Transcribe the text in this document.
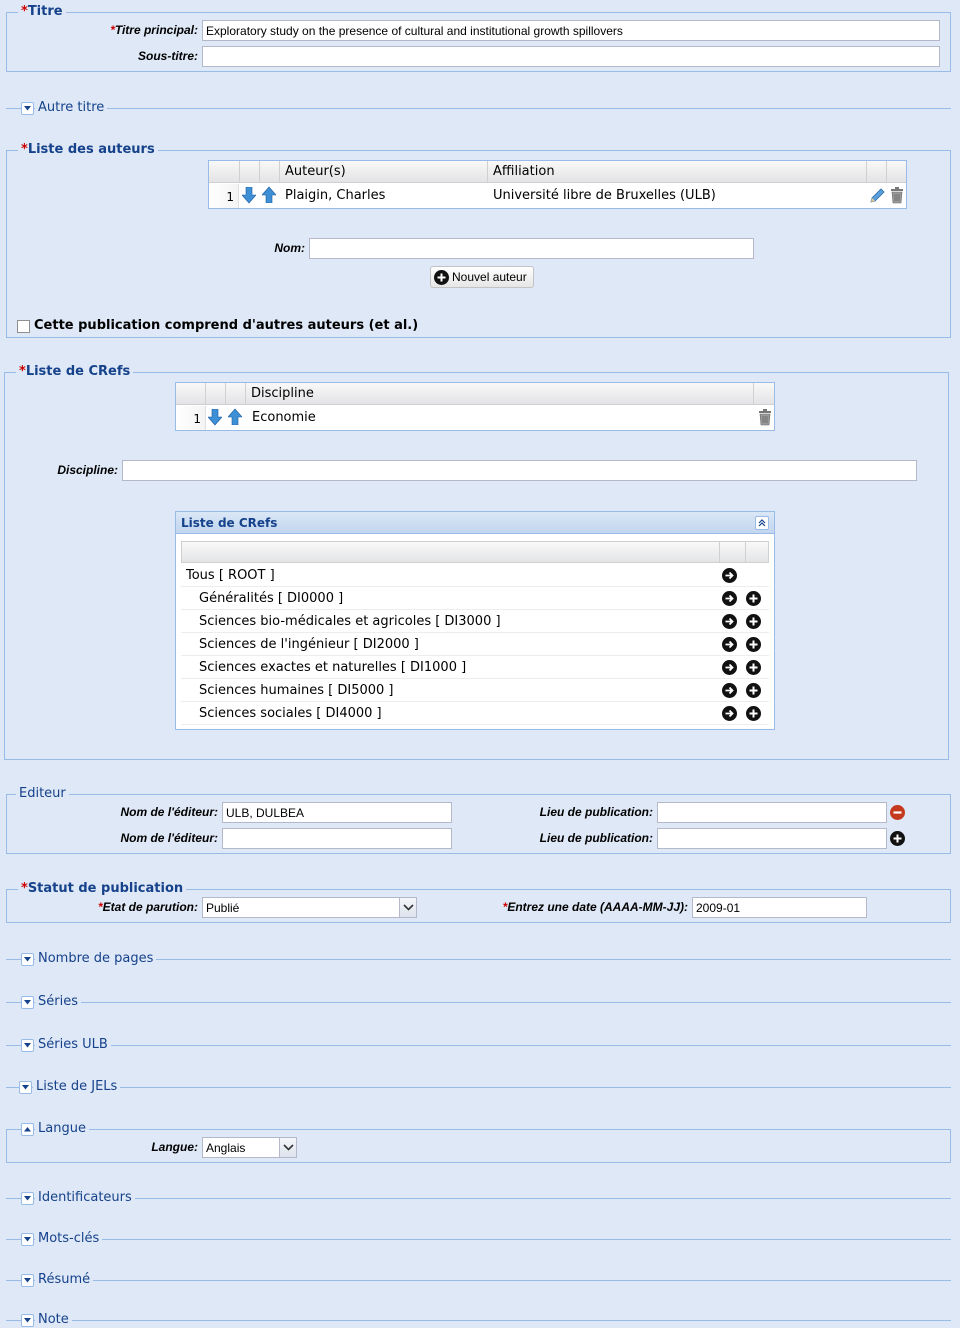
*Titre
*Titre principal: Exploratory study on the presence of cultural and institutional growth spillovers
Sous-titre:
Autre titre
*Liste des auteurs
Auteur(s)	Affiliation
1	Plaigin, Charles	Université libre de Bruxelles (ULB)
Nom:
Nouvel auteur
Cette publication comprend d'autres auteurs (et al.)
*Liste de CRefs
Discipline
1	Economie
Discipline:
Liste de CRefs
Tous [ ROOT ]
Généralités [ DI0000 ]
Sciences bio-médicales et agricoles [ DI3000 ]
Sciences de l'ingénieur [ DI2000 ]
Sciences exactes et naturelles [ DI1000 ]
Sciences humaines [ DI5000 ]
Sciences sociales [ DI4000 ]
Editeur
Nom de l'éditeur: ULB, DULBEA	Lieu de publication:
Nom de l'éditeur:	Lieu de publication:
*Statut de publication
*Etat de parution: Publié	*Entrez une date (AAAA-MM-JJ): 2009-01
Nombre de pages
Séries
Séries ULB
Liste de JELs
Langue
Langue: Anglais
Identificateurs
Mots-clés
Résumé
Note
